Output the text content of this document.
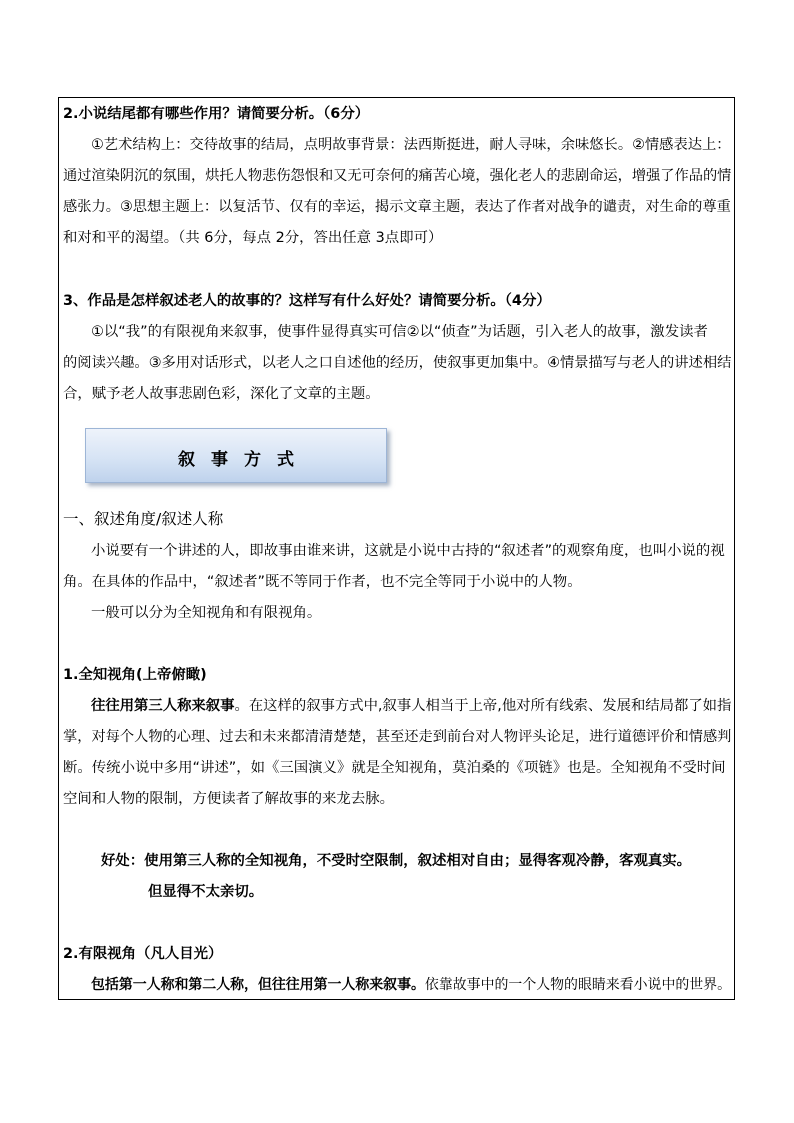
2.小说结尾都有哪些作用？请简要分析。（6分）
①艺术结构上：交待故事的结局，点明故事背景：法西斯挺进，耐人寻味，余味悠长。②情感表达上：
通过渲染阴沉的氛围，烘托人物悲伤怨恨和又无可奈何的痛苦心境，强化老人的悲剧命运，增强了作品的情
感张力。③思想主题上：以复活节、仅有的幸运，揭示文章主题，表达了作者对战争的谴责，对生命的尊重
和对和平的渴望。（共 6分，每点 2分，答出任意 3点即可）
3、作品是怎样叙述老人的故事的？这样写有什么好处？请简要分析。（4分）
①以“我”的有限视角来叙事，使事件显得真实可信②以“侦查”为话题，引入老人的故事，激发读者
的阅读兴趣。③多用对话形式，以老人之口自述他的经历，使叙事更加集中。④情景描写与老人的讲述相结
合，赋予老人故事悲剧色彩，深化了文章的主题。
叙事方式
一、叙述角度/叙述人称
小说要有一个讲述的人，即故事由谁来讲，这就是小说中古持的“叙述者”的观察角度，也叫小说的视
角。在具体的作品中，“叙述者”既不等同于作者，也不完全等同于小说中的人物。
一般可以分为全知视角和有限视角。
1.全知视角(上帝俯瞰)
往往用第三人称来叙事。在这样的叙事方式中,叙事人相当于上帝,他对所有线索、发展和结局都了如指
掌，对每个人物的心理、过去和未来都清清楚楚，甚至还走到前台对人物评头论足，进行道德评价和情感判
断。传统小说中多用“讲述”，如《三国演义》就是全知视角，莫泊桑的《项链》也是。全知视角不受时间
空间和人物的限制，方便读者了解故事的来龙去脉。
好处：使用第三人称的全知视角，不受时空限制，叙述相对自由；显得客观冷静，客观真实。
但显得不太亲切。
2.有限视角（凡人目光）
包括第一人称和第二人称，但往往用第一人称来叙事。依靠故事中的一个人物的眼睛来看小说中的世界。
